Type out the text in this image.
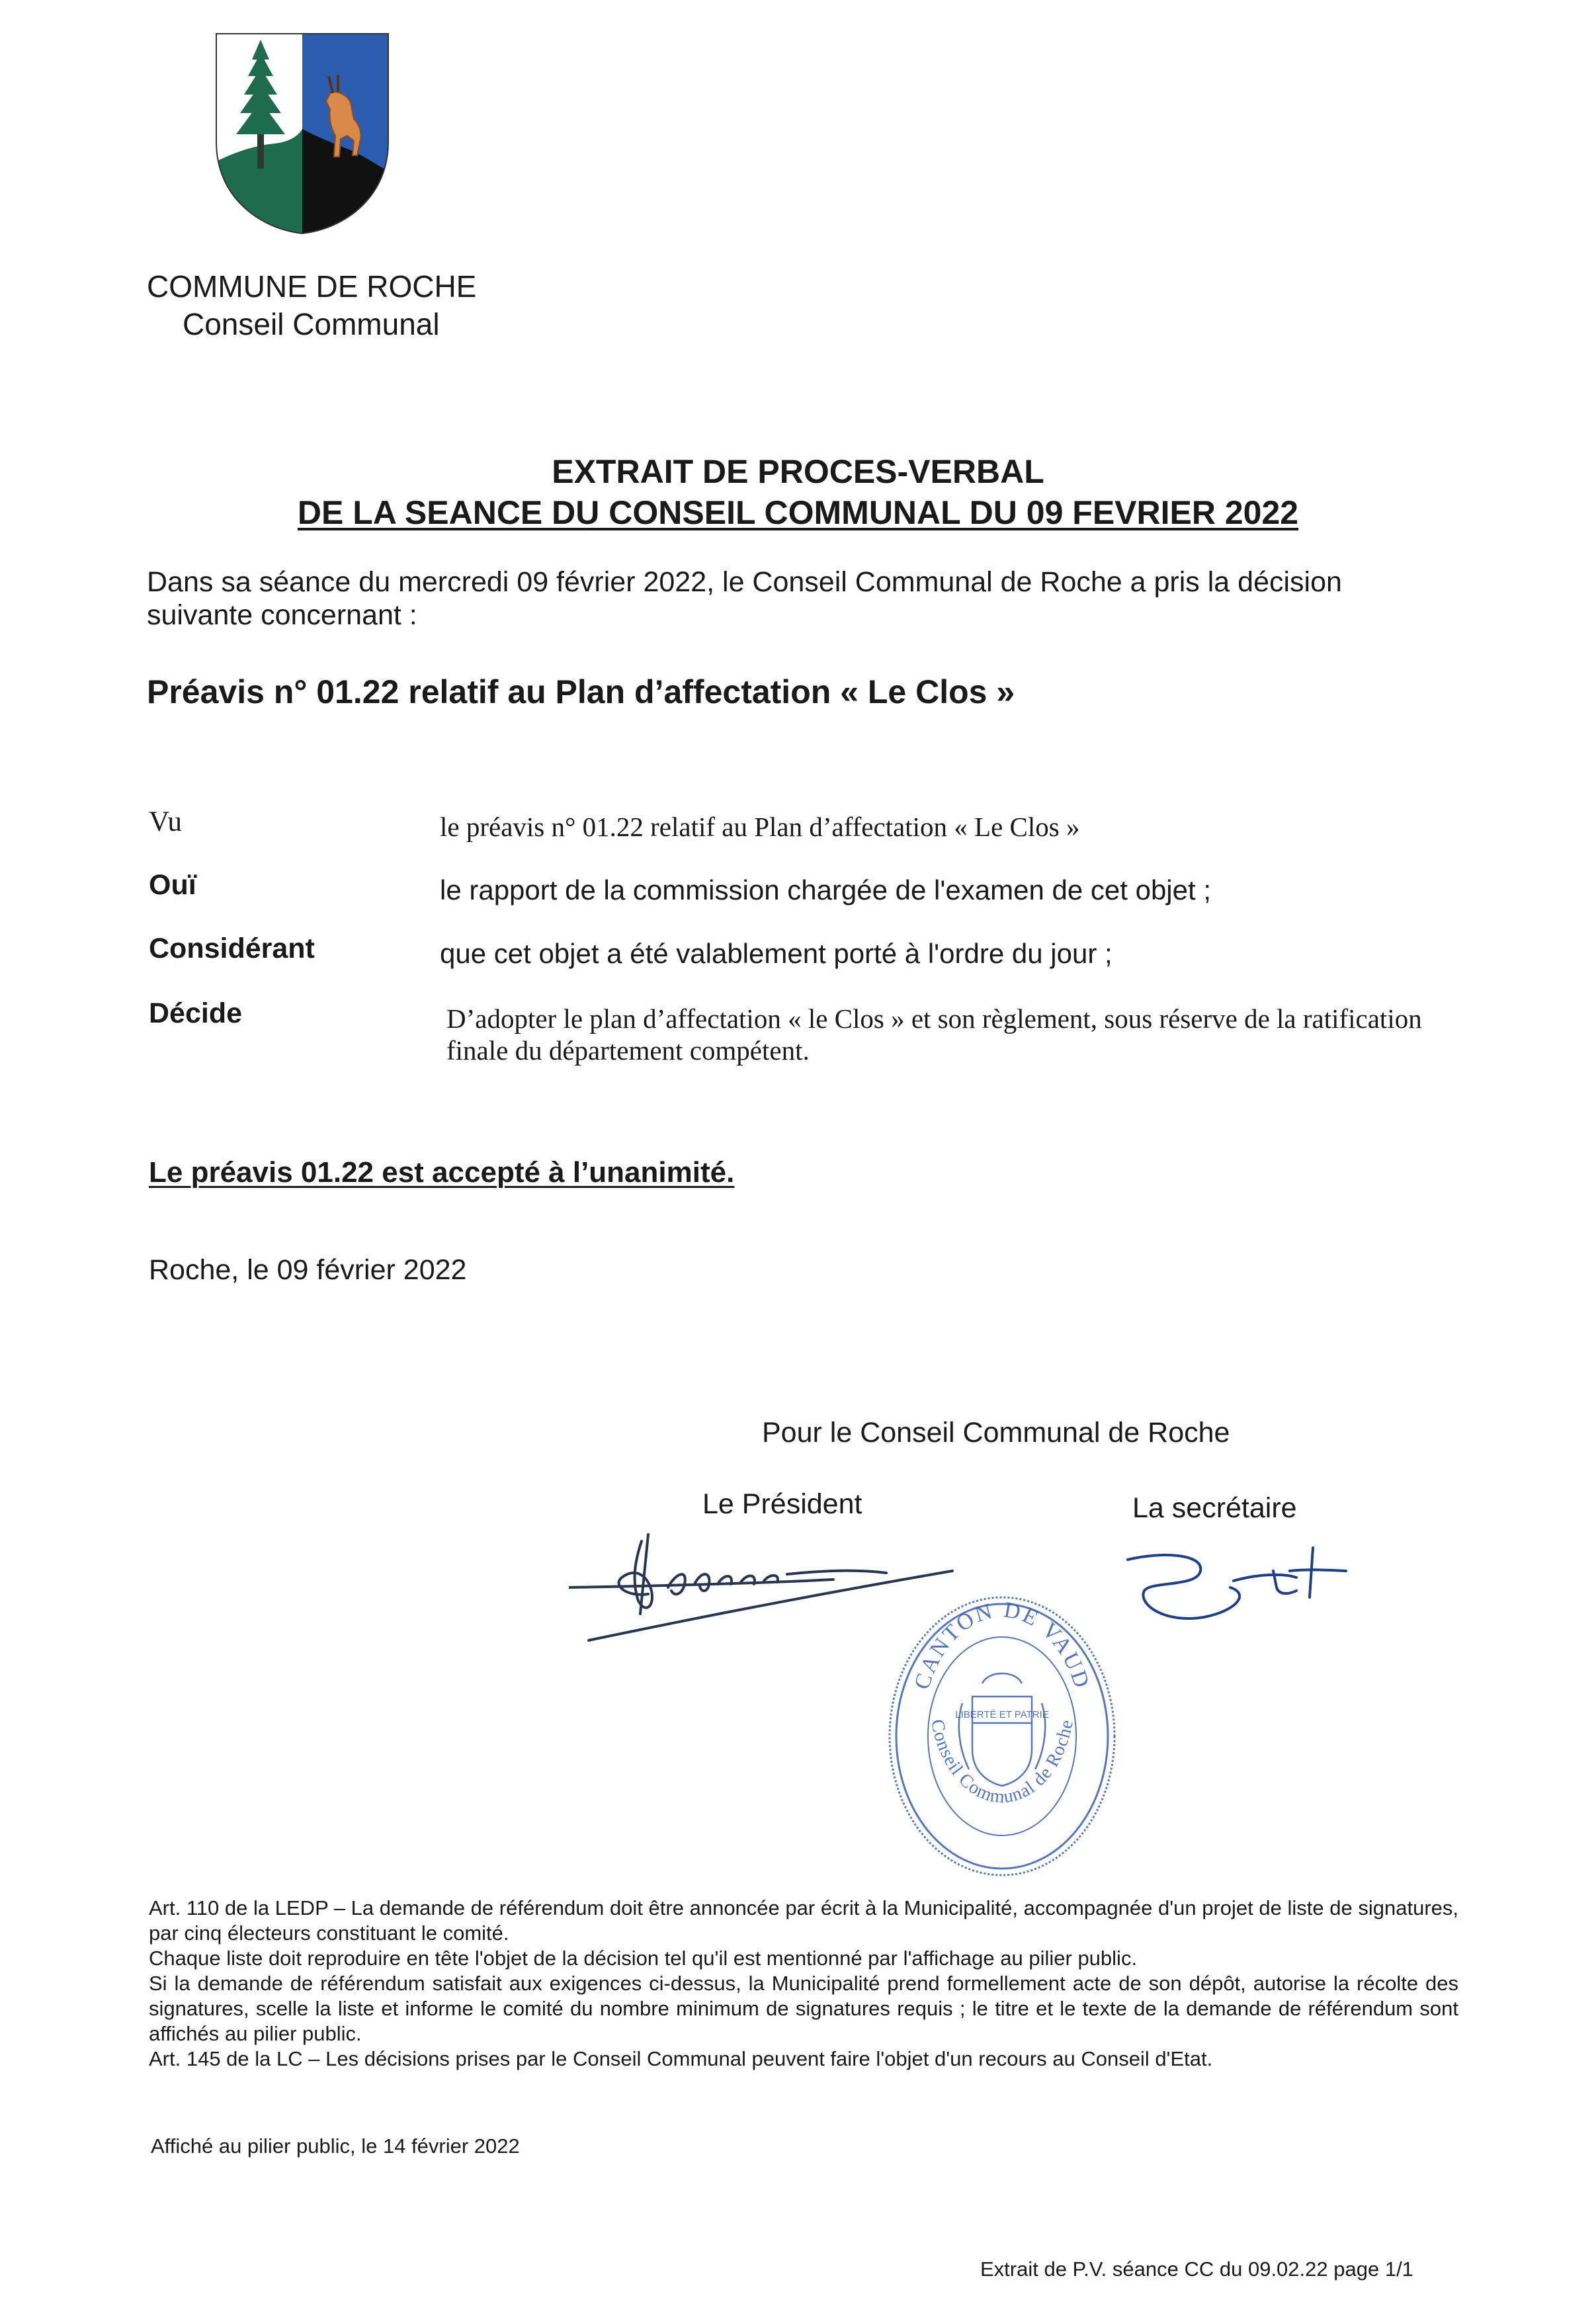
COMMUNE DE ROCHE
Conseil Communal
EXTRAIT DE PROCES-VERBAL
DE LA SEANCE DU CONSEIL COMMUNAL DU 09 FEVRIER 2022
Dans sa séance du mercredi 09 février 2022, le Conseil Communal de Roche a pris la décision suivante concernant :
Préavis n° 01.22 relatif au Plan d’affectation « Le Clos »
Vu	le préavis n° 01.22 relatif au Plan d’affectation « Le Clos »
Ouï	le rapport de la commission chargée de l'examen de cet objet ;
Considérant	que cet objet a été valablement porté à l'ordre du jour ;
Décide	D’adopter le plan d’affectation « le Clos » et son règlement, sous réserve de la ratification finale du département compétent.
Le préavis 01.22 est accepté à l’unanimité.
Roche, le 09 février 2022
Pour le Conseil Communal de Roche
Le Président	La secrétaire
CANTON DE VAUD
Conseil Communal de Roche
LIBERTÉ ET PATRIE

Art. 110 de la LEDP – La demande de référendum doit être annoncée par écrit à la Municipalité, accompagnée d'un projet de liste de signatures, par cinq électeurs constituant le comité.

Chaque liste doit reproduire en tête l'objet de la décision tel qu'il est mentionné par l'affichage au pilier public.

Si la demande de référendum satisfait aux exigences ci-dessus, la Municipalité prend formellement acte de son dépôt, autorise la récolte des signatures, scelle la liste et informe le comité du nombre minimum de signatures requis ; le titre et le texte de la demande de référendum sont affichés au pilier public.

Art. 145 de la LC – Les décisions prises par le Conseil Communal peuvent faire l'objet d'un recours au Conseil d'Etat.

Affiché au pilier public, le 14 février 2022
Extrait de P.V. séance CC du 09.02.22 page 1/1
